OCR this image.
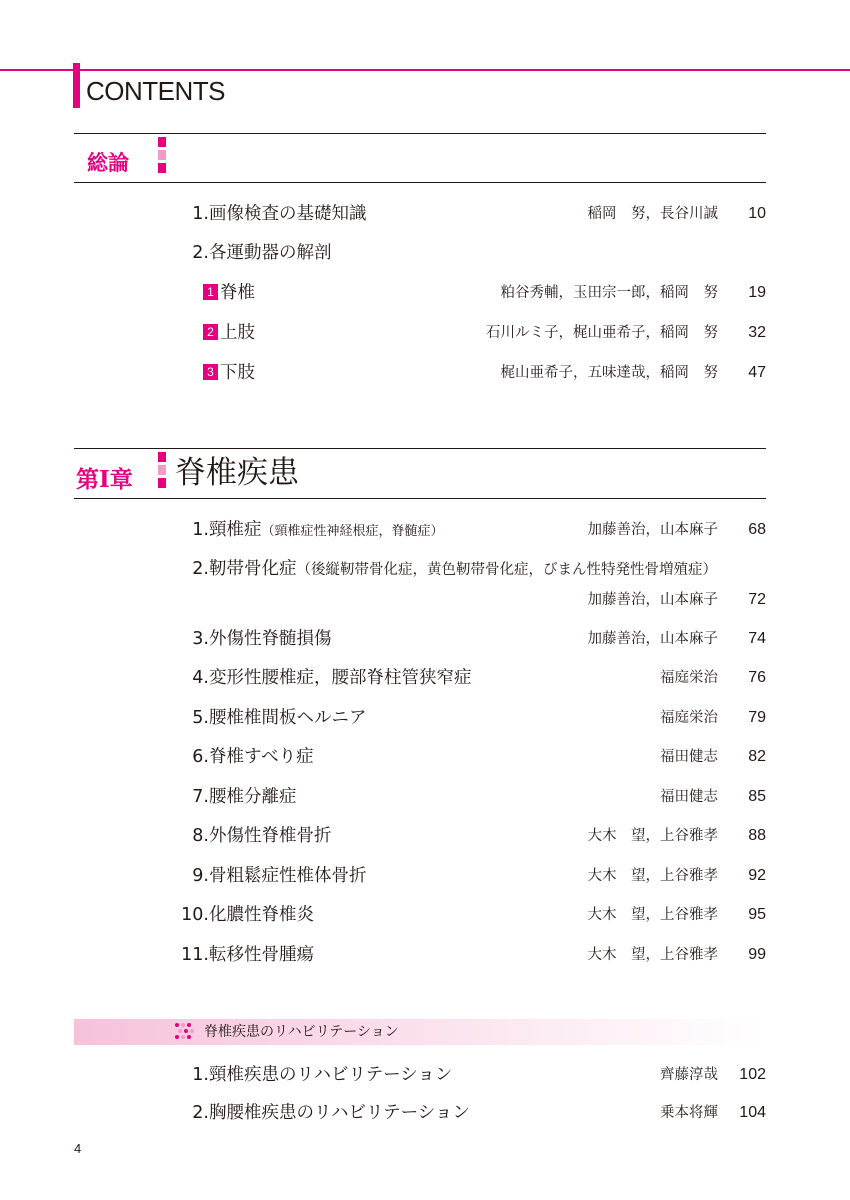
CONTENTS
総論
1. 画像検査の基礎知識	稲岡　努，長谷川誠	10
2. 各運動器の解剖
1 脊椎	粕谷秀輔，玉田宗一郎，稲岡　努	19
2 上肢	石川ルミ子，梶山亜希子，稲岡　努	32
3 下肢	梶山亜希子，五味達哉，稲岡　努	47
第Ⅰ章 脊椎疾患
1. 頸椎症（頸椎症性神経根症，脊髄症）	加藤善治，山本麻子	68
2. 靭帯骨化症（後縦靭帯骨化症，黄色靭帯骨化症，びまん性特発性骨増殖症）
加藤善治，山本麻子	72
3. 外傷性脊髄損傷	加藤善治，山本麻子	74
4. 変形性腰椎症，腰部脊柱管狭窄症	福庭栄治	76
5. 腰椎椎間板ヘルニア	福庭栄治	79
6. 脊椎すべり症	福田健志	82
7. 腰椎分離症	福田健志	85
8. 外傷性脊椎骨折	大木　望，上谷雅孝	88
9. 骨粗鬆症性椎体骨折	大木　望，上谷雅孝	92
10. 化膿性脊椎炎	大木　望，上谷雅孝	95
11. 転移性骨腫瘍	大木　望，上谷雅孝	99
脊椎疾患のリハビリテーション
1. 頸椎疾患のリハビリテーション	齊藤淳哉	102
2. 胸腰椎疾患のリハビリテーション	乗本将輝	104
4
